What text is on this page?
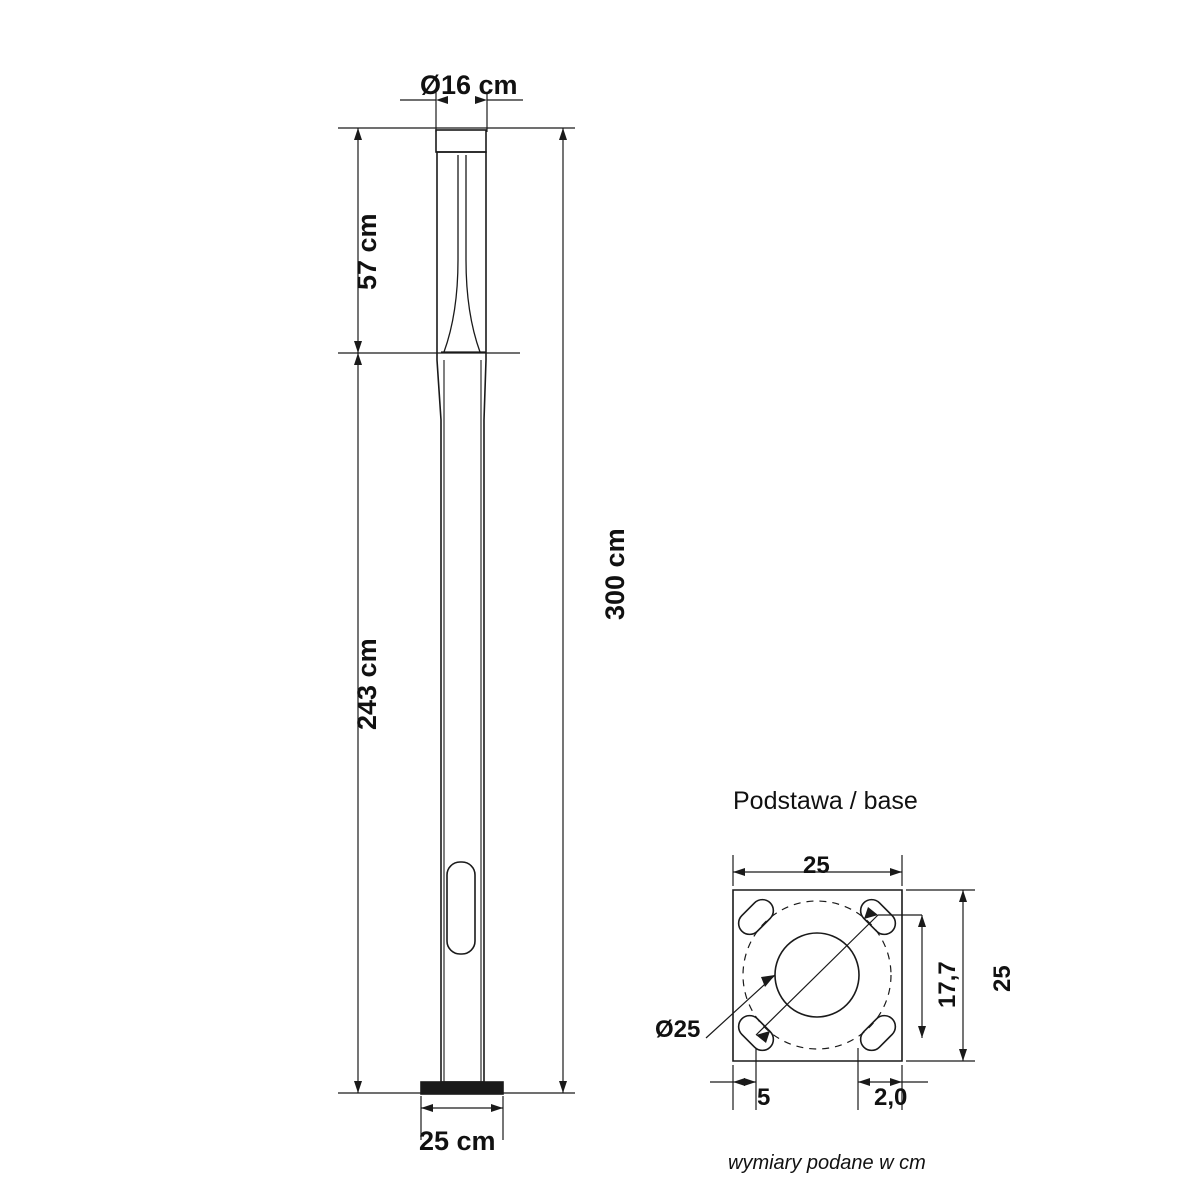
Ø16 cm
57 cm
243 cm
300 cm
25 cm
Podstawa / base
25
25
17,7
Ø25
5	2,0
wymiary podane w cm
